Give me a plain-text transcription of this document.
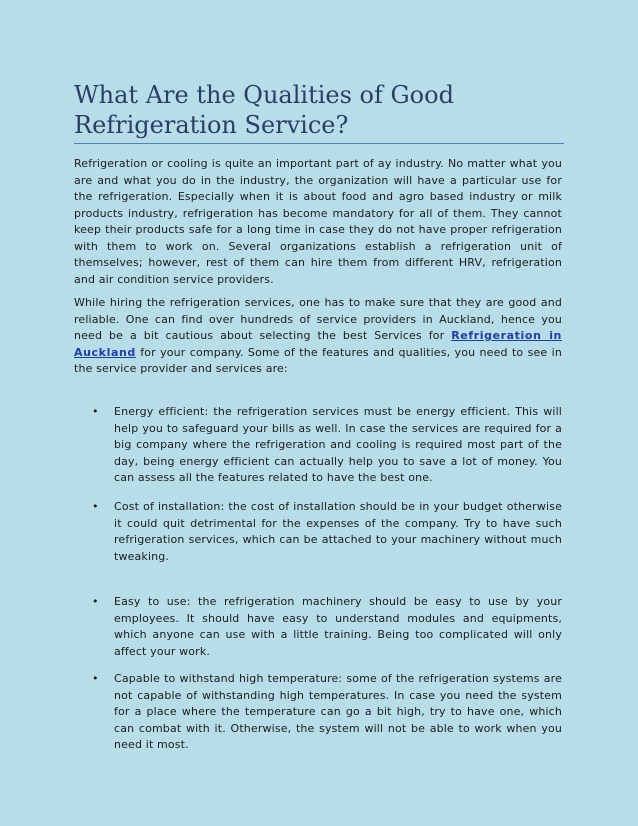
What Are the Qualities of Good Refrigeration Service?

Refrigeration or cooling is quite an important part of ay industry. No matter what you are and what you do in the industry, the organization will have a particular use for the refrigeration. Especially when it is about food and agro based industry or milk products industry, refrigeration has become mandatory for all of them. They cannot keep their products safe for a long time in case they do not have proper refrigeration with them to work on. Several organizations establish a refrigeration unit of themselves; however, rest of them can hire them from different HRV, refrigeration and air condition service providers.

While hiring the refrigeration services, one has to make sure that they are good and reliable. One can find over hundreds of service providers in Auckland, hence you need be a bit cautious about selecting the best Services for Refrigeration in Auckland for your company. Some of the features and qualities, you need to see in the service provider and services are:

•	Energy efficient: the refrigeration services must be energy efficient. This will help you to safeguard your bills as well. In case the services are required for a big company where the refrigeration and cooling is required most part of the day, being energy efficient can actually help you to save a lot of money. You can assess all the features related to have the best one.

•	Cost of installation: the cost of installation should be in your budget otherwise it could quit detrimental for the expenses of the company. Try to have such refrigeration services, which can be attached to your machinery without much tweaking.

•	Easy to use: the refrigeration machinery should be easy to use by your employees. It should have easy to understand modules and equipments, which anyone can use with a little training. Being too complicated will only affect your work.

•	Capable to withstand high temperature: some of the refrigeration systems are not capable of withstanding high temperatures. In case you need the system for a place where the temperature can go a bit high, try to have one, which can combat with it. Otherwise, the system will not be able to work when you need it most.
